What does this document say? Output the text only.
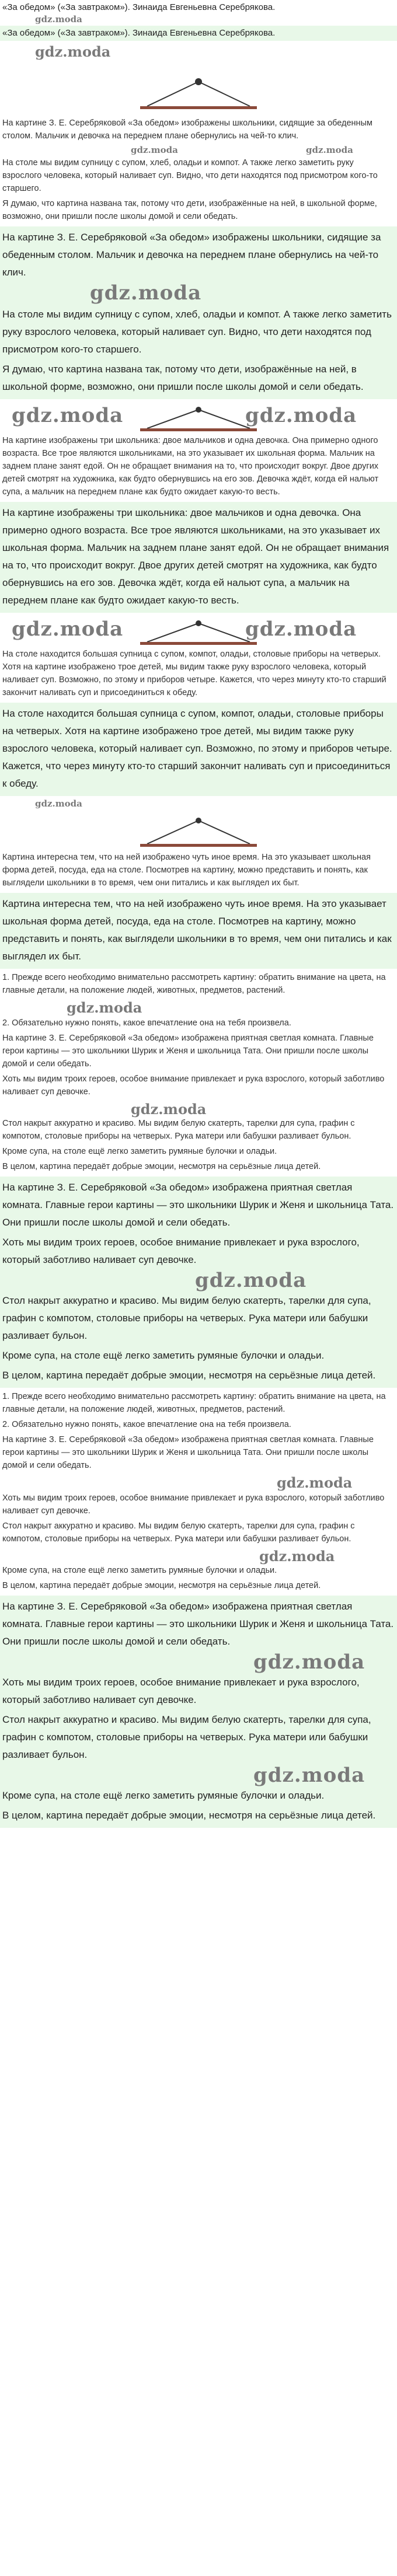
«За обедом» («За завтраком»). Зинаида Евгеньевна Серебрякова.
gdz.moda
«За обедом» («За завтраком»). Зинаида Евгеньевна Серебрякова.
gdz.moda

На картине З. Е. Серебряковой «За обедом» изображены школьники, сидящие за обеденным столом. Мальчик и девочка на переднем плане обернулись на чей-то клич.

gdz.moda	gdz.moda

На столе мы видим супницу с супом, хлеб, оладьи и компот. А также легко заметить руку взрослого человека, который наливает суп. Видно, что дети находятся под присмотром кого-то старшего.

Я думаю, что картина названа так, потому что дети, изображённые на ней, в школьной форме, возможно, они пришли после школы домой и сели обедать.

На картине З. Е. Серебряковой «За обедом» изображены школьники, сидящие за обеденным столом. Мальчик и девочка на переднем плане обернулись на чей-то клич.

gdz.moda

На столе мы видим супницу с супом, хлеб, оладьи и компот. А также легко заметить руку взрослого человека, который наливает суп. Видно, что дети находятся под присмотром кого-то старшего.

Я думаю, что картина названа так, потому что дети, изображённые на ней, в школьной форме, возможно, они пришли после школы домой и сели обедать.

gdz.moda	gdz.moda

На картине изображены три школьника: двое мальчиков и одна девочка. Она примерно одного возраста. Все трое являются школьниками, на это указывает их школьная форма. Мальчик на заднем плане занят едой. Он не обращает внимания на то, что происходит вокруг. Двое других детей смотрят на художника, как будто обернувшись на его зов. Девочка ждёт, когда ей нальют супа, а мальчик на переднем плане как будто ожидает какую-то весть.

На картине изображены три школьника: двое мальчиков и одна девочка. Она примерно одного возраста. Все трое являются школьниками, на это указывает их школьная форма. Мальчик на заднем плане занят едой. Он не обращает внимания на то, что происходит вокруг. Двое других детей смотрят на художника, как будто обернувшись на его зов. Девочка ждёт, когда ей нальют супа, а мальчик на переднем плане как будто ожидает какую-то весть.

gdz.moda	gdz.moda

На столе находится большая супница с супом, компот, оладьи, столовые приборы на четверых. Хотя на картине изображено трое детей, мы видим также руку взрослого человека, который наливает суп. Возможно, по этому и приборов четыре. Кажется, что через минуту кто-то старший закончит наливать суп и присоединиться к обеду.

На столе находится большая супница с супом, компот, оладьи, столовые приборы на четверых. Хотя на картине изображено трое детей, мы видим также руку взрослого человека, который наливает суп. Возможно, по этому и приборов четыре. Кажется, что через минуту кто-то старший закончит наливать суп и присоединиться к обеду.

gdz.moda

Картина интересна тем, что на ней изображено чуть иное время. На это указывает школьная форма детей, посуда, еда на столе. Посмотрев на картину, можно представить и понять, как выглядели школьники в то время, чем они питались и как выглядел их быт.

Картина интересна тем, что на ней изображено чуть иное время. На это указывает школьная форма детей, посуда, еда на столе. Посмотрев на картину, можно представить и понять, как выглядели школьники в то время, чем они питались и как выглядел их быт.

1. Прежде всего необходимо внимательно рассмотреть картину: обратить внимание на цвета, на главные детали, на положение людей, животных, предметов, растений.

gdz.moda

2. Обязательно нужно понять, какое впечатление она на тебя произвела.

На картине З. Е. Серебряковой «За обедом» изображена приятная светлая комната. Главные герои картины — это школьники Шурик и Женя и школьница Тата. Они пришли после школы домой и сели обедать.

Хоть мы видим троих героев, особое внимание привлекает и рука взрослого, который заботливо наливает суп девочке.

gdz.moda

Стол накрыт аккуратно и красиво. Мы видим белую скатерть, тарелки для супа, графин с компотом, столовые приборы на четверых. Рука матери или бабушки разливает бульон.

Кроме супа, на столе ещё легко заметить румяные булочки и оладьи.

В целом, картина передаёт добрые эмоции, несмотря на серьёзные лица детей.

На картине З. Е. Серебряковой «За обедом» изображена приятная светлая комната. Главные герои картины — это школьники Шурик и Женя и школьница Тата. Они пришли после школы домой и сели обедать.

Хоть мы видим троих героев, особое внимание привлекает и рука взрослого, который заботливо наливает суп девочке.

gdz.moda

Стол накрыт аккуратно и красиво. Мы видим белую скатерть, тарелки для супа, графин с компотом, столовые приборы на четверых. Рука матери или бабушки разливает бульон.

Кроме супа, на столе ещё легко заметить румяные булочки и оладьи.

В целом, картина передаёт добрые эмоции, несмотря на серьёзные лица детей.

1. Прежде всего необходимо внимательно рассмотреть картину: обратить внимание на цвета, на главные детали, на положение людей, животных, предметов, растений.

2. Обязательно нужно понять, какое впечатление она на тебя произвела.

На картине З. Е. Серебряковой «За обедом» изображена приятная светлая комната. Главные герои картины — это школьники Шурик и Женя и школьница Тата. Они пришли после школы домой и сели обедать.

gdz.moda

Хоть мы видим троих героев, особое внимание привлекает и рука взрослого, который заботливо наливает суп девочке.

Стол накрыт аккуратно и красиво. Мы видим белую скатерть, тарелки для супа, графин с компотом, столовые приборы на четверых. Рука матери или бабушки разливает бульон.

gdz.moda

Кроме супа, на столе ещё легко заметить румяные булочки и оладьи.

В целом, картина передаёт добрые эмоции, несмотря на серьёзные лица детей.

На картине З. Е. Серебряковой «За обедом» изображена приятная светлая комната. Главные герои картины — это школьники Шурик и Женя и школьница Тата. Они пришли после школы домой и сели обедать.

gdz.moda

Хоть мы видим троих героев, особое внимание привлекает и рука взрослого, который заботливо наливает суп девочке.

Стол накрыт аккуратно и красиво. Мы видим белую скатерть, тарелки для супа, графин с компотом, столовые приборы на четверых. Рука матери или бабушки разливает бульон.

gdz.moda

Кроме супа, на столе ещё легко заметить румяные булочки и оладьи.

В целом, картина передаёт добрые эмоции, несмотря на серьёзные лица детей.
